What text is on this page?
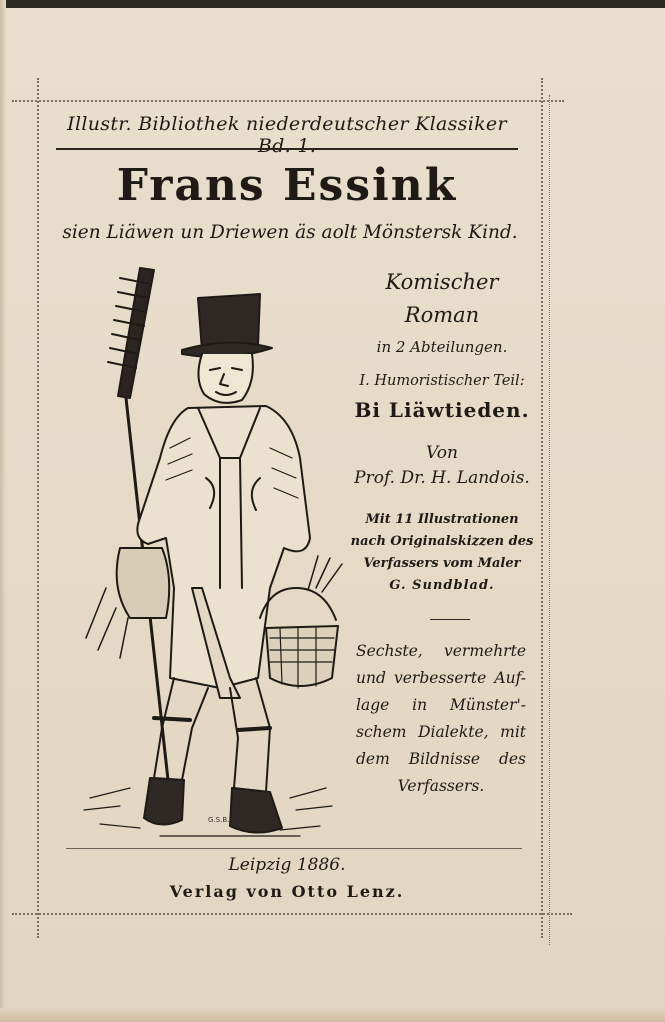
Illustr. Bibliothek niederdeutscher Klassiker Bd. 1.
Frans Essink
sien Liäwen un Driewen äs aolt Mönstersk Kind.
G.S.B.
Komischer
Roman
in 2 Abteilungen.
I. Humoristischer Teil:
Bi Liäwtieden.
Von
Prof. Dr. H. Landois.
Mit 11 Illustrationen
nach Originalskizzen des
Verfassers vom Maler
G. Sundblad.
Sechste, vermehrte
und verbesserte Auf-
lage in Münster'-
schem Dialekte, mit
dem Bildnisse des
Verfassers.
Leipzig 1886.
Verlag von Otto Lenz.
